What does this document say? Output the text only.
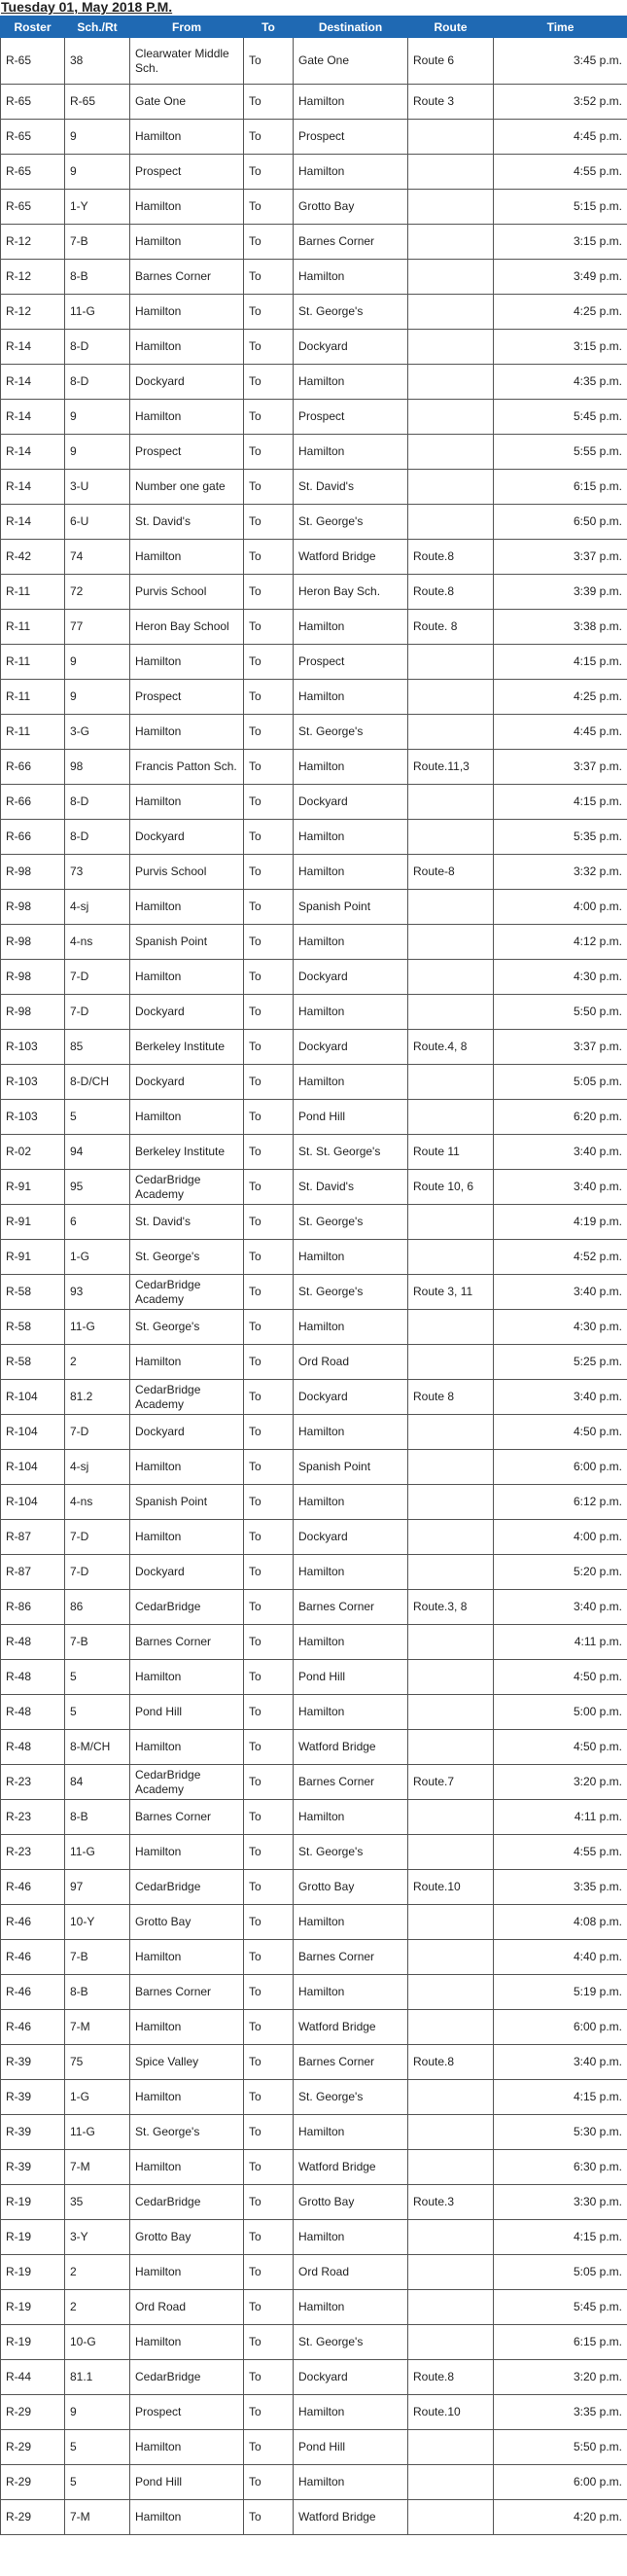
Tuesday 01, May 2018 P.M.
Roster	Sch./Rt	From	To	Destination	Route	Time
R-65	38	Clearwater Middle Sch.	To	Gate One	Route 6	3:45 p.m.
R-65	R-65	Gate One	To	Hamilton	Route 3	3:52 p.m.
R-65	9	Hamilton	To	Prospect		4:45 p.m.
R-65	9	Prospect	To	Hamilton		4:55 p.m.
R-65	1-Y	Hamilton	To	Grotto Bay		5:15 p.m.
R-12	7-B	Hamilton	To	Barnes Corner		3:15 p.m.
R-12	8-B	Barnes Corner	To	Hamilton		3:49 p.m.
R-12	11-G	Hamilton	To	St. George's		4:25 p.m.
R-14	8-D	Hamilton	To	Dockyard		3:15 p.m.
R-14	8-D	Dockyard	To	Hamilton		4:35 p.m.
R-14	9	Hamilton	To	Prospect		5:45 p.m.
R-14	9	Prospect	To	Hamilton		5:55 p.m.
R-14	3-U	Number one gate	To	St. David's		6:15 p.m.
R-14	6-U	St. David's	To	St. George's		6:50 p.m.
R-42	74	Hamilton	To	Watford Bridge	Route.8	3:37 p.m.
R-11	72	Purvis School	To	Heron Bay Sch.	Route.8	3:39 p.m.
R-11	77	Heron Bay School	To	Hamilton	Route. 8	3:38 p.m.
R-11	9	Hamilton	To	Prospect		4:15 p.m.
R-11	9	Prospect	To	Hamilton		4:25 p.m.
R-11	3-G	Hamilton	To	St. George's		4:45 p.m.
R-66	98	Francis Patton Sch.	To	Hamilton	Route.11,3	3:37 p.m.
R-66	8-D	Hamilton	To	Dockyard		4:15 p.m.
R-66	8-D	Dockyard	To	Hamilton		5:35 p.m.
R-98	73	Purvis School	To	Hamilton	Route-8	3:32 p.m.
R-98	4-sj	Hamilton	To	Spanish Point		4:00 p.m.
R-98	4-ns	Spanish Point	To	Hamilton		4:12 p.m.
R-98	7-D	Hamilton	To	Dockyard		4:30 p.m.
R-98	7-D	Dockyard	To	Hamilton		5:50 p.m.
R-103	85	Berkeley Institute	To	Dockyard	Route.4, 8	3:37 p.m.
R-103	8-D/CH	Dockyard	To	Hamilton		5:05 p.m.
R-103	5	Hamilton	To	Pond Hill		6:20 p.m.
R-02	94	Berkeley Institute	To	St. St. George's	Route 11	3:40 p.m.
R-91	95	CedarBridge Academy	To	St. David's	Route 10, 6	3:40 p.m.
R-91	6	St. David's	To	St. George's		4:19 p.m.
R-91	1-G	St. George's	To	Hamilton		4:52 p.m.
R-58	93	CedarBridge Academy	To	St. George's	Route 3, 11	3:40 p.m.
R-58	11-G	St. George's	To	Hamilton		4:30 p.m.
R-58	2	Hamilton	To	Ord Road		5:25 p.m.
R-104	81.2	CedarBridge Academy	To	Dockyard	Route 8	3:40 p.m.
R-104	7-D	Dockyard	To	Hamilton		4:50 p.m.
R-104	4-sj	Hamilton	To	Spanish Point		6:00 p.m.
R-104	4-ns	Spanish Point	To	Hamilton		6:12 p.m.
R-87	7-D	Hamilton	To	Dockyard		4:00 p.m.
R-87	7-D	Dockyard	To	Hamilton		5:20 p.m.
R-86	86	CedarBridge	To	Barnes Corner	Route.3, 8	3:40 p.m.
R-48	7-B	Barnes Corner	To	Hamilton		4:11 p.m.
R-48	5	Hamilton	To	Pond Hill		4:50 p.m.
R-48	5	Pond Hill	To	Hamilton		5:00 p.m.
R-48	8-M/CH	Hamilton	To	Watford Bridge		4:50 p.m.
R-23	84	CedarBridge Academy	To	Barnes Corner	Route.7	3:20 p.m.
R-23	8-B	Barnes Corner	To	Hamilton		4:11 p.m.
R-23	11-G	Hamilton	To	St. George's		4:55 p.m.
R-46	97	CedarBridge	To	Grotto Bay	Route.10	3:35 p.m.
R-46	10-Y	Grotto Bay	To	Hamilton		4:08 p.m.
R-46	7-B	Hamilton	To	Barnes Corner		4:40 p.m.
R-46	8-B	Barnes Corner	To	Hamilton		5:19 p.m.
R-46	7-M	Hamilton	To	Watford Bridge		6:00 p.m.
R-39	75	Spice Valley	To	Barnes Corner	Route.8	3:40 p.m.
R-39	1-G	Hamilton	To	St. George's		4:15 p.m.
R-39	11-G	St. George's	To	Hamilton		5:30 p.m.
R-39	7-M	Hamilton	To	Watford Bridge		6:30 p.m.
R-19	35	CedarBridge	To	Grotto Bay	Route.3	3:30 p.m.
R-19	3-Y	Grotto Bay	To	Hamilton		4:15 p.m.
R-19	2	Hamilton	To	Ord Road		5:05 p.m.
R-19	2	Ord Road	To	Hamilton		5:45 p.m.
R-19	10-G	Hamilton	To	St. George's		6:15 p.m.
R-44	81.1	CedarBridge	To	Dockyard	Route.8	3:20 p.m.
R-29	9	Prospect	To	Hamilton	Route.10	3:35 p.m.
R-29	5	Hamilton	To	Pond Hill		5:50 p.m.
R-29	5	Pond Hill	To	Hamilton		6:00 p.m.
R-29	7-M	Hamilton	To	Watford Bridge		4:20 p.m.
